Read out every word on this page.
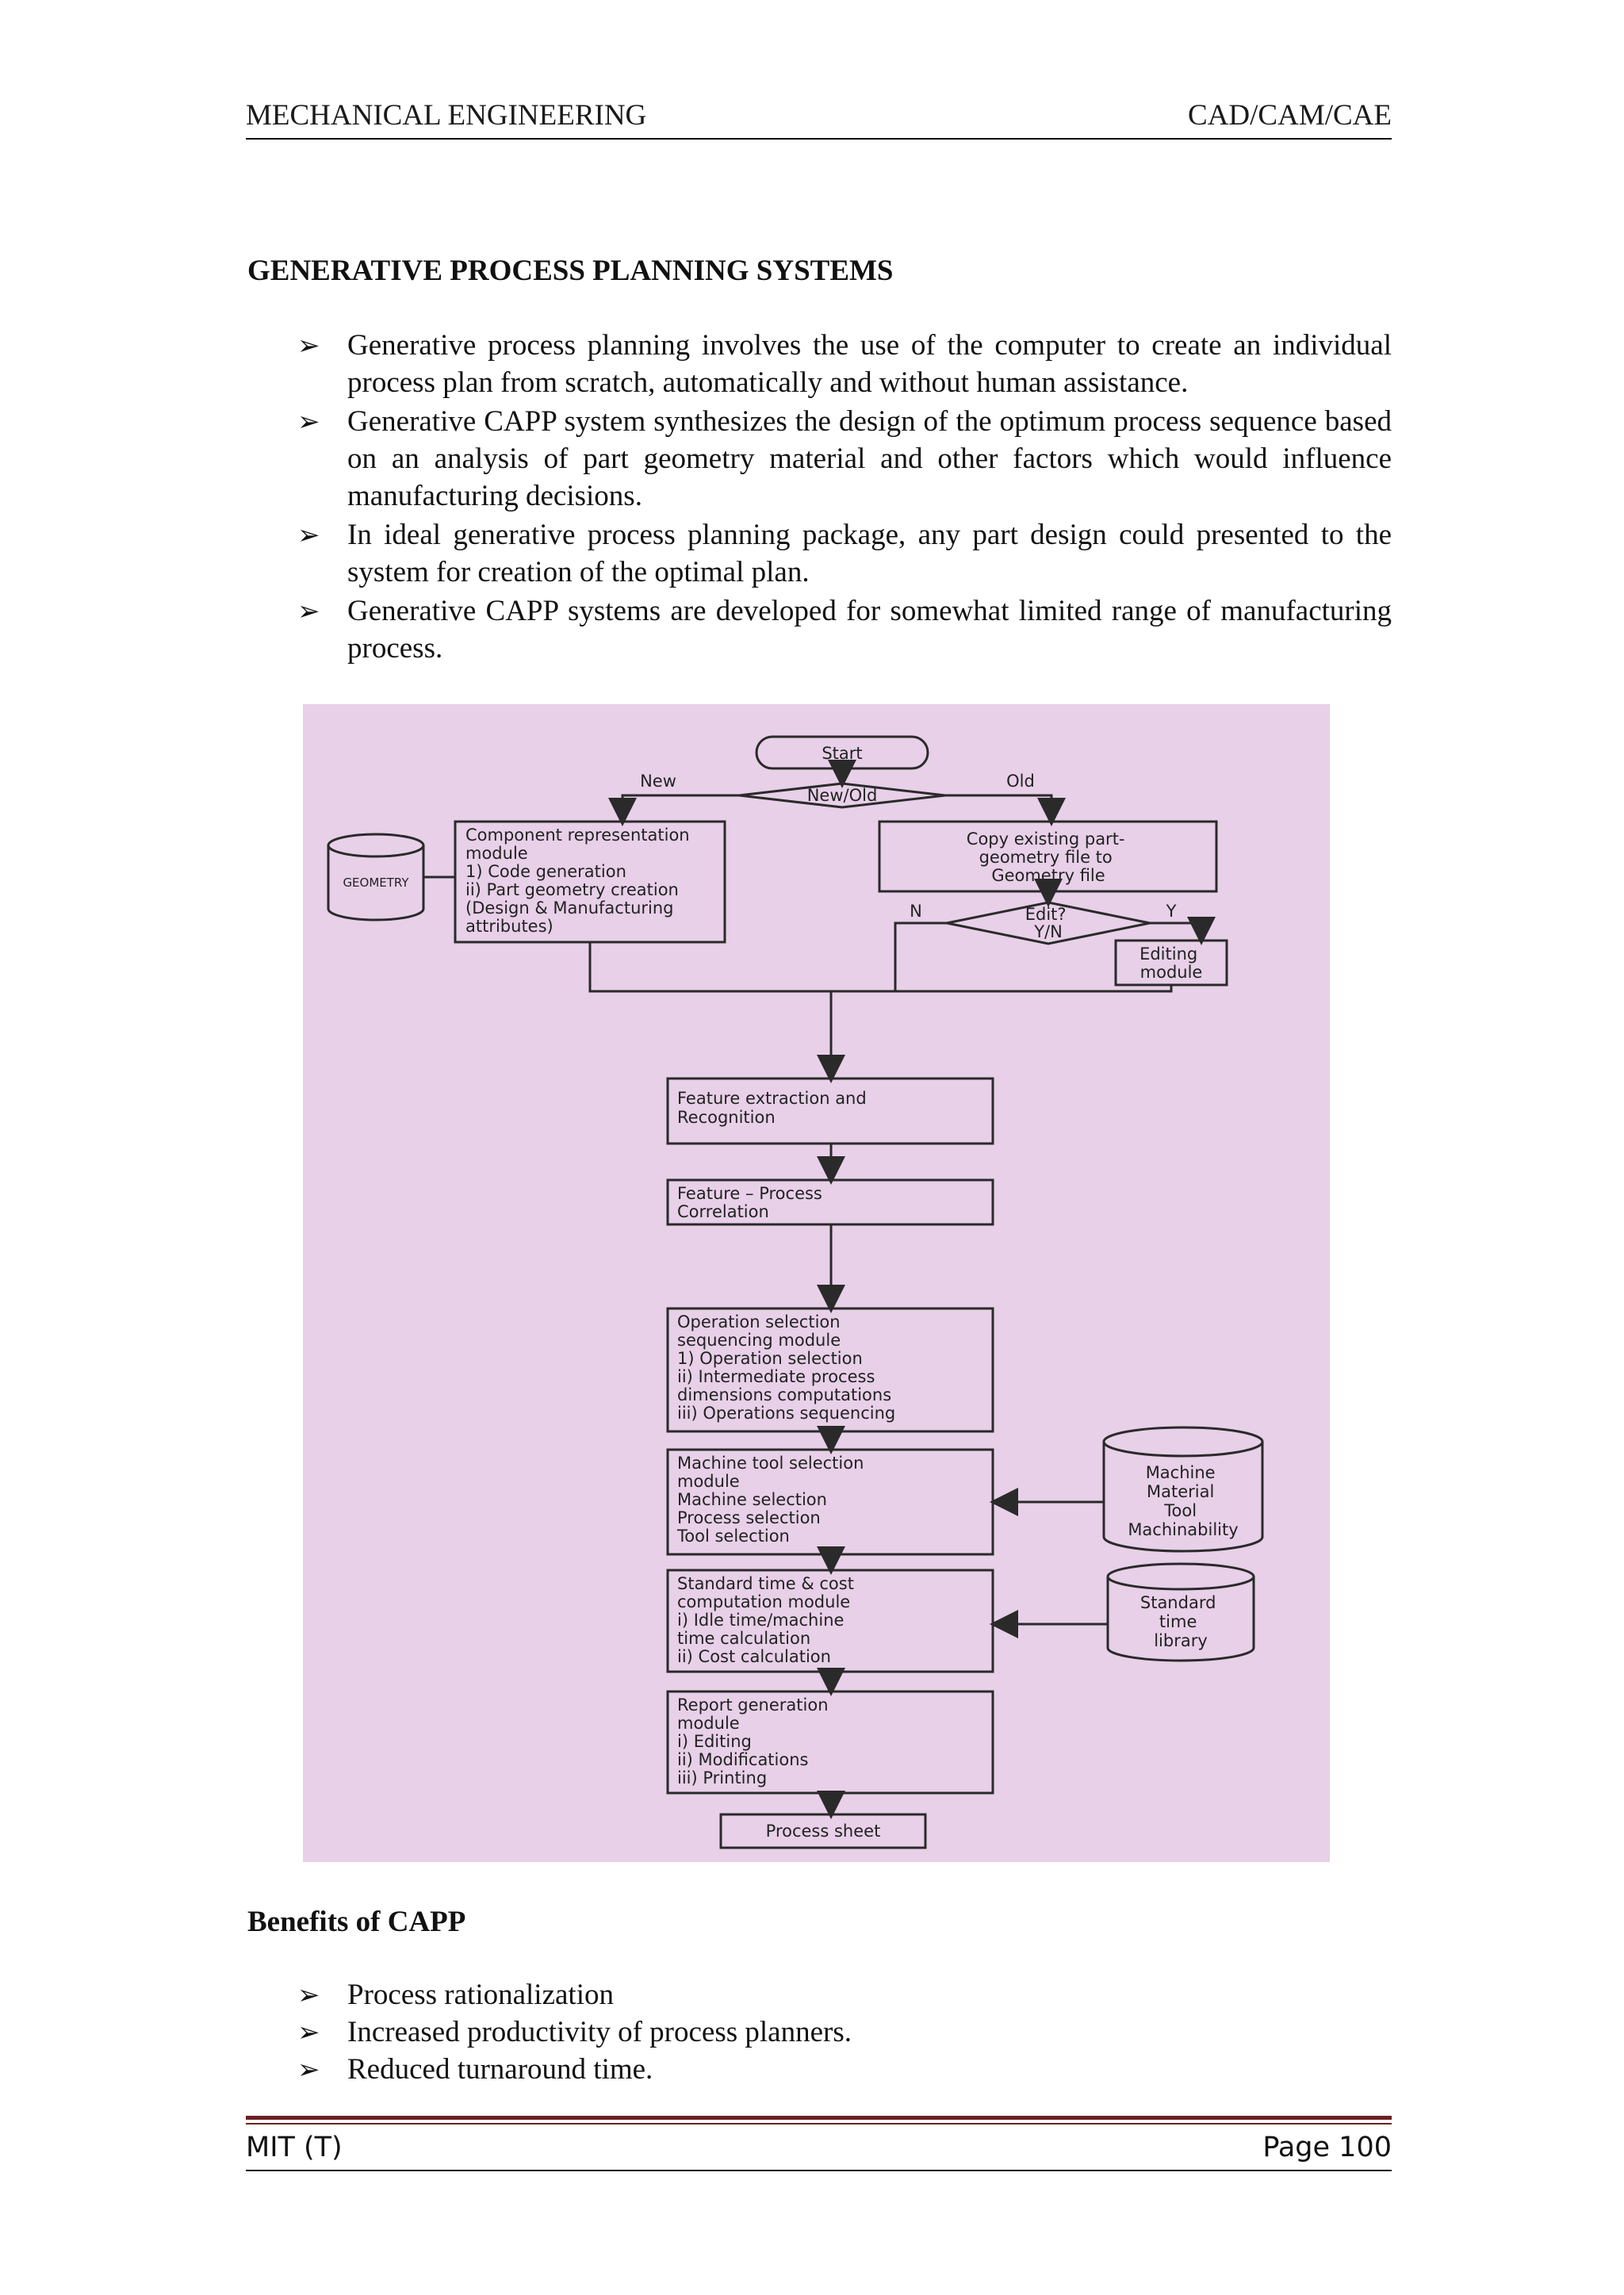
MECHANICAL ENGINEERING	CAD/CAM/CAE
GENERATIVE PROCESS PLANNING SYSTEMS
➢ Generative process planning involves the use of the computer to create an individual process plan from scratch, automatically and without human assistance.
➢ Generative CAPP system synthesizes the design of the optimum process sequence based on an analysis of part geometry material and other factors which would influence manufacturing decisions.
➢ In ideal generative process planning package, any part design could presented to the system for creation of the optimal plan.
➢ Generative CAPP systems are developed for somewhat limited range of manufacturing process.
Start
New/Old
New	Old
GEOMETRY
Component representation module 1) Code generation ii) Part geometry creation (Design & Manufacturing attributes)
Copy existing part- geometry file to Geometry file
Edit? Y/N
N	Y
Editing module
Feature extraction and Recognition
Feature – Process Correlation
Operation selection sequencing module 1) Operation selection ii) Intermediate process dimensions computations iii) Operations sequencing
Machine tool selection module Machine selection Process selection Tool selection
Machine Material Tool Machinability
Standard time & cost computation module i) Idle time/machine time calculation ii) Cost calculation
Standard time library
Report generation module i) Editing ii) Modifications iii) Printing
Process sheet
Benefits of CAPP
➢ Process rationalization
➢ Increased productivity of process planners.
➢ Reduced turnaround time.
MIT (T)	Page 100
